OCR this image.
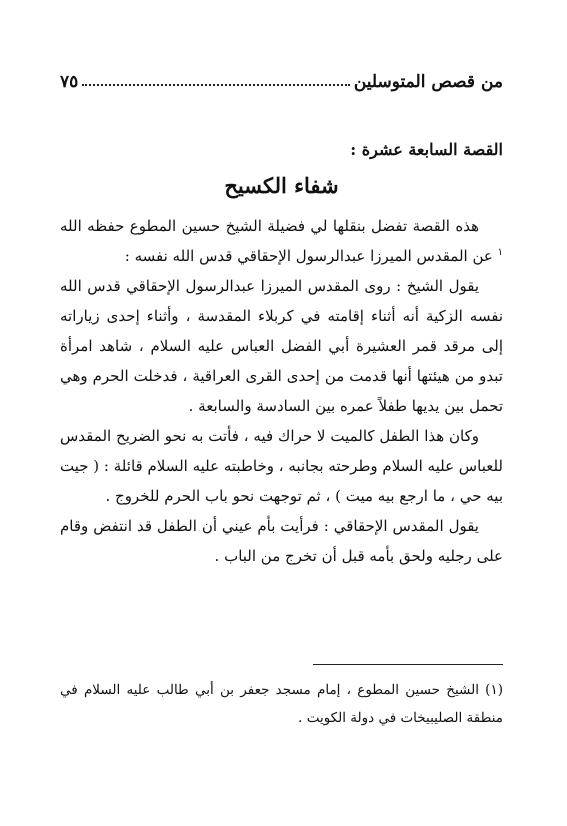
من قصص المتوسلين
٧٥
القصة السابعة عشرة :
شفاء الكسيح

هذه القصة تفضل بنقلها لي فضيلة الشيخ حسين المطوع حفظه الله $^١$ عن المقدس الميرزا عبدالرسول الإحقاقي قدس الله نفسه :

يقول الشيخ : روى المقدس الميرزا عبدالرسول الإحقاقي قدس الله نفسه الزكية أنه أثناء إقامته في كربلاء المقدسة ، وأثناء إحدى زياراته إلى مرقد قمر العشيرة أبي الفضل العباس عليه السلام ، شاهد امرأة تبدو من هيئتها أنها قدمت من إحدى القرى العراقية ، فدخلت الحرم وهي تحمل بين يديها طفلاً عمره بين السادسة والسابعة .

وكان هذا الطفل كالميت لا حراك فيه ، فأتت به نحو الضريح المقدس للعباس عليه السلام وطرحته بجانبه ، وخاطبته عليه السلام قائلة : ( جيت بيه حي ، ما ارجع بيه ميت ) ، ثم توجهت نحو باب الحرم للخروج .

يقول المقدس الإحقاقي : فرأيت بأم عيني أن الطفل قد انتفض وقام على رجليه ولحق بأمه قبل أن تخرج من الباب .

(١) الشيخ حسين المطوع ، إمام مسجد جعفر بن أبي طالب عليه السلام في منطقة الصليبيخات في دولة الكويت .
